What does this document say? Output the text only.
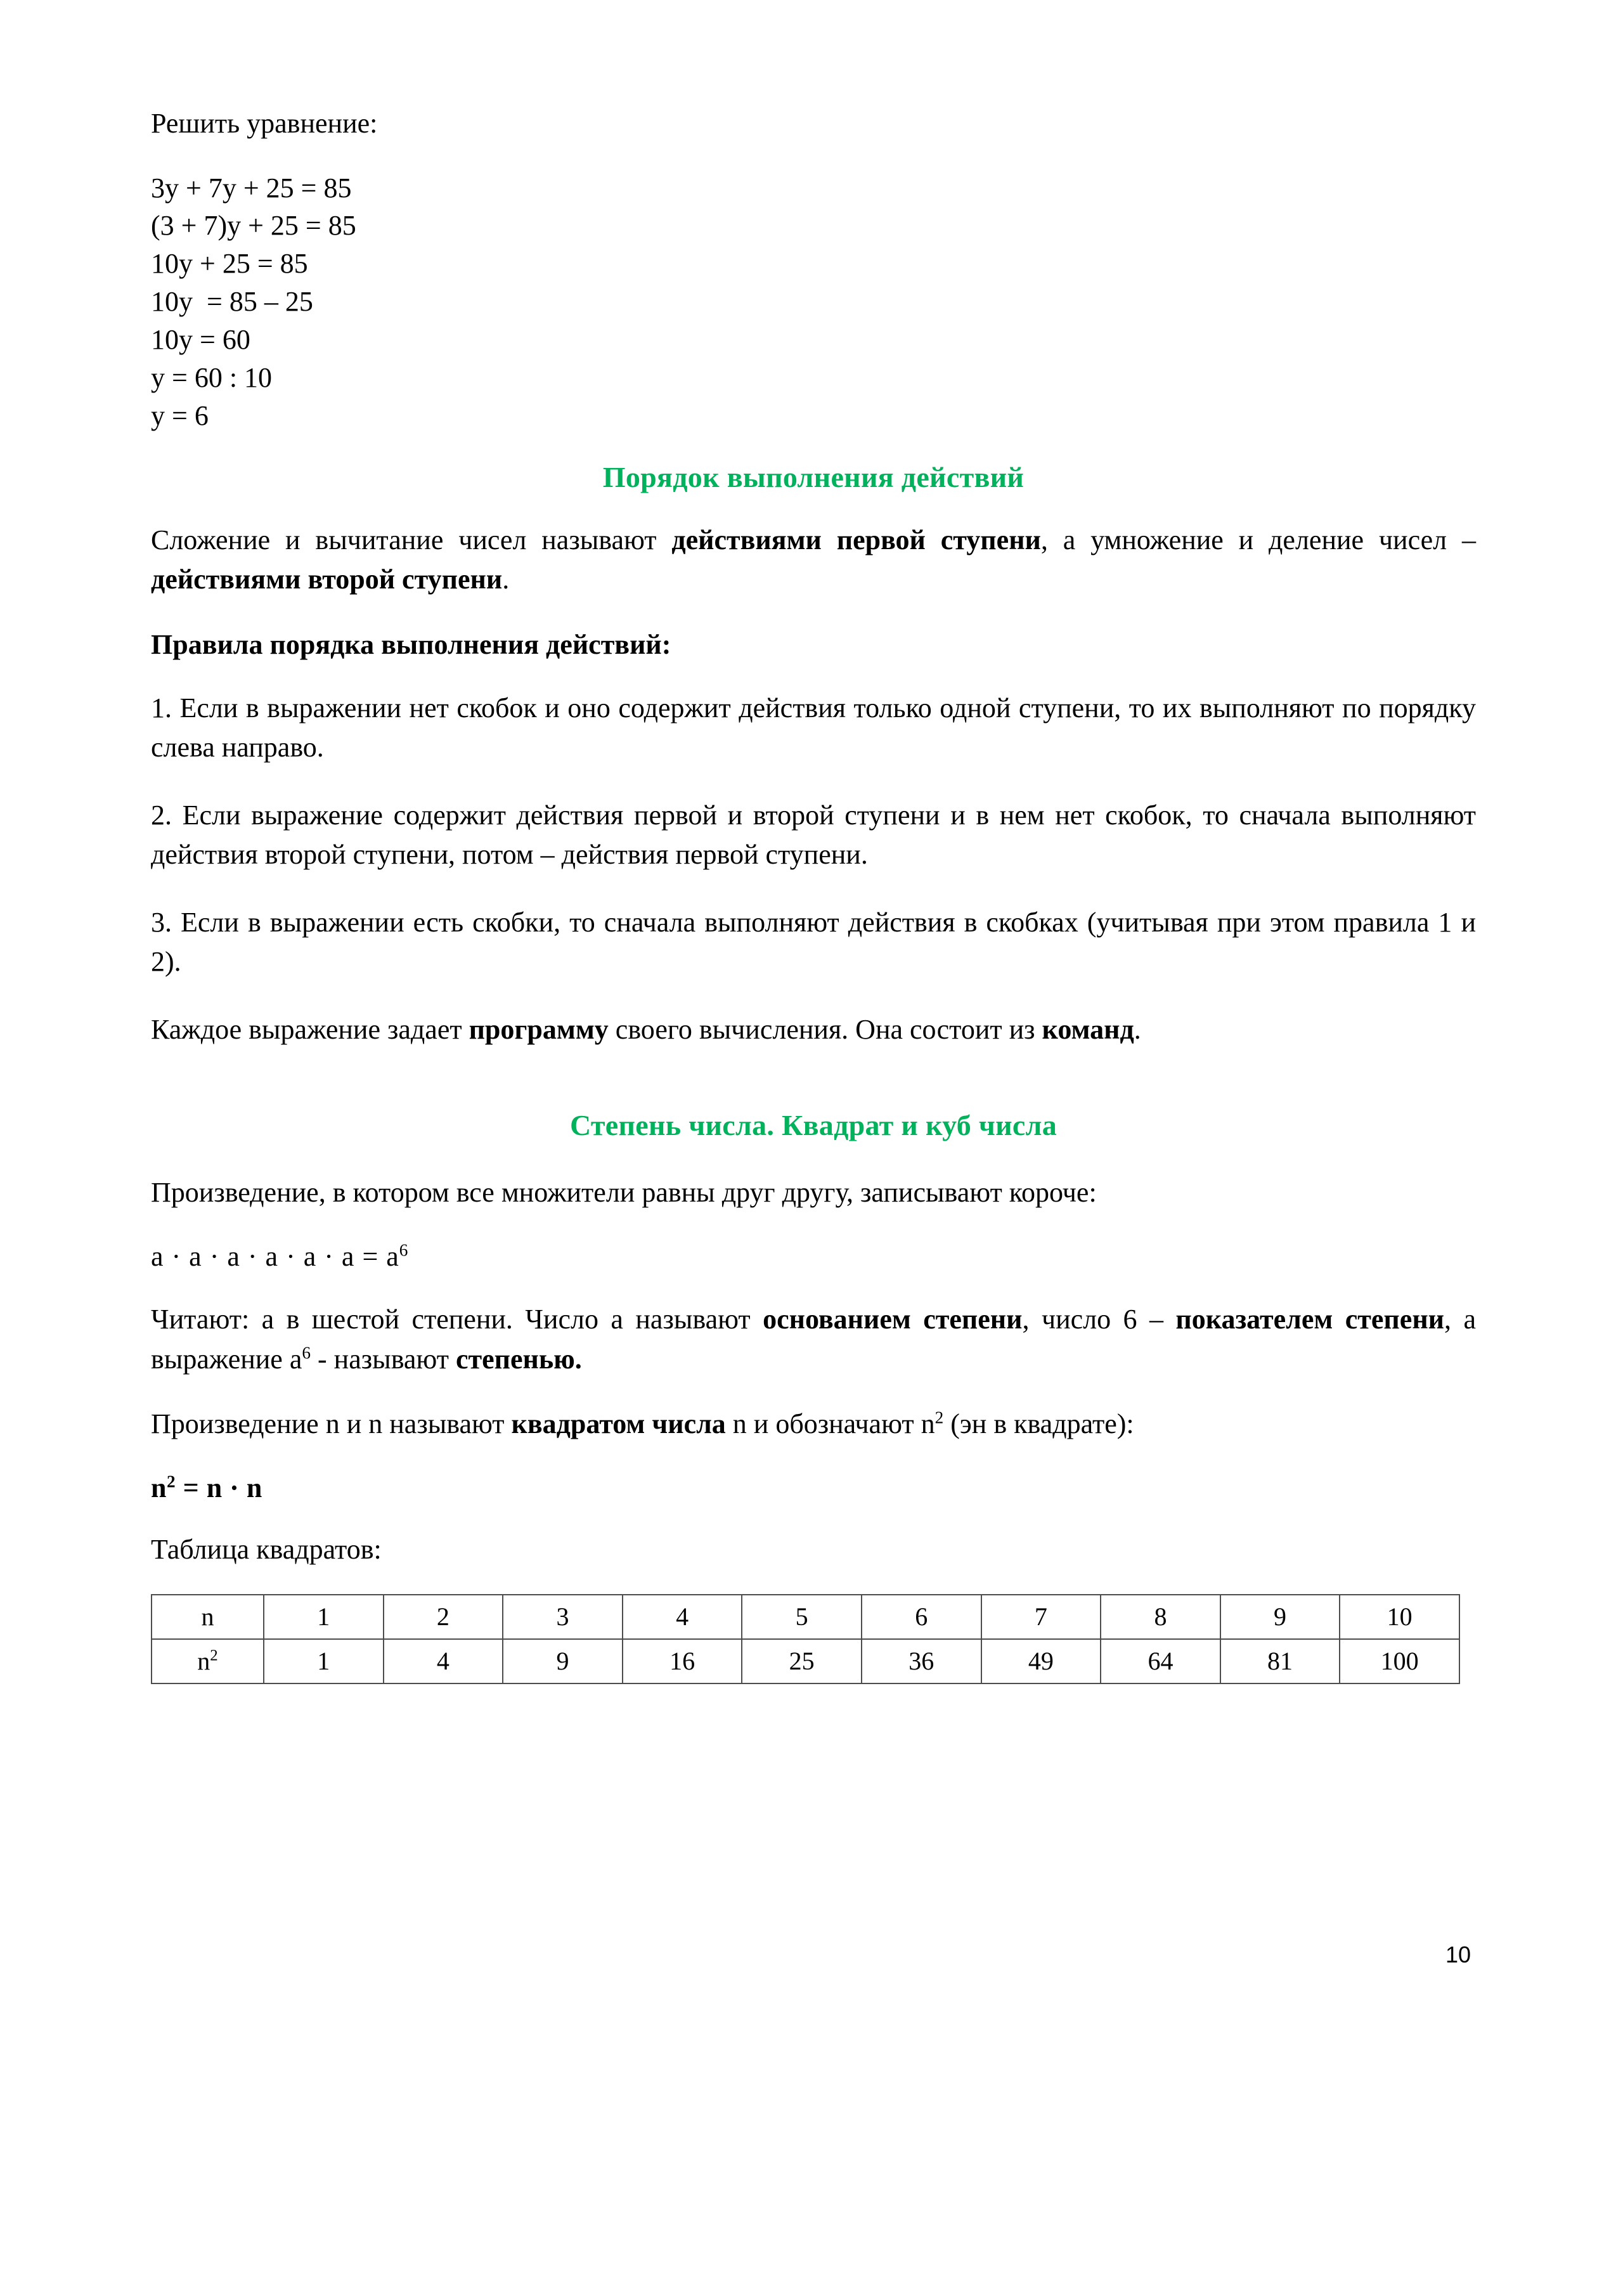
Решить уравнение:

3y + 7y + 25 = 85
(3 + 7)y + 25 = 85
10y + 25 = 85
10y  = 85 – 25
10y = 60
y = 60 : 10
y = 6
Порядок выполнения действий

Сложение и вычитание чисел называют действиями первой ступени, а умножение и деление чисел – действиями второй ступени.

Правила порядка выполнения действий:

1. Если в выражении нет скобок и оно содержит действия только одной ступени, то их выполняют по порядку слева направо.

2. Если выражение содержит действия первой и второй ступени и в нем нет скобок, то сначала выполняют действия второй ступени, потом – действия первой ступени.

3. Если в выражении есть скобки, то сначала выполняют действия в скобках (учитывая при этом правила 1 и 2).

Каждое выражение задает программу своего вычисления. Она состоит из команд.

Степень числа. Квадрат и куб числа

Произведение, в котором все множители равны друг другу, записывают короче:

$a \cdot a \cdot a \cdot a \cdot a \cdot a = a^6$

Читают: а в шестой степени. Число а называют основанием степени, число 6 – показателем степени, а выражение $a^6$ - называют степенью.

Произведение n и n называют квадратом числа n и обозначают $n^2$ (эн в квадрате):

$n^2 = n \cdot n$

Таблица квадратов:

n	1	2	3	4	5	6	7	8	9	10
$n^2$	1	4	9	16	25	36	49	64	81	100
10
